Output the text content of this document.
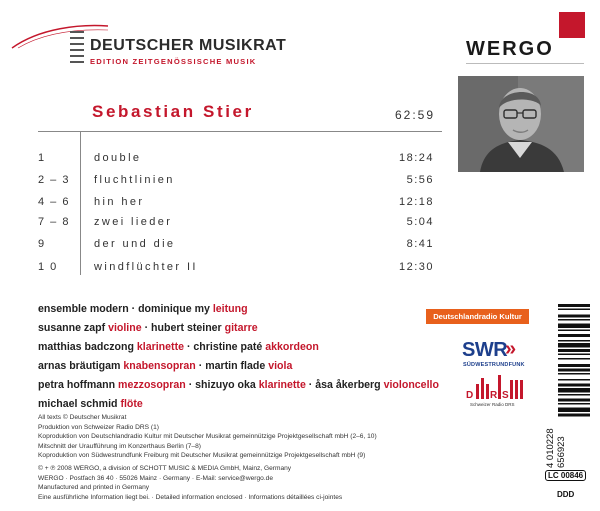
DEUTSCHER MUSIKRAT
EDITION ZEITGENÖSSISCHE MUSIK
WERGO
Sebastian Stier	62:59
1	double	18:24
2 – 3 fluchtlinien	5:56
4 – 6 hin her	12:18
7 – 8 zwei lieder	5:04
9	der und die	8:41
1 0	windflüchter II	12:30
ensemble modern · dominique my leitung
susanne zapf violine · hubert steiner gitarre
matthias badczong klarinette · christine paté akkordeon
arnas bräutigam knabensopran · martin flade viola
petra hoffmann mezzosopran · shizuyo oka klarinette · åsa åkerberg violoncello
michael schmid flöte
All texts © Deutscher Musikrat
Produktion von Schweizer Radio DRS (1)
Koproduktion von Deutschlandradio Kultur mit Deutscher Musikrat gemeinnützige Projektgesellschaft mbH (2–6, 10)
Mitschnitt der Uraufführung im Konzerthaus Berlin (7–8)
Koproduktion von Südwestrundfunk Freiburg mit Deutscher Musikrat gemeinnützige Projektgesellschaft mbH (9)
© + ℗ 2008 WERGO, a division of SCHOTT MUSIC & MEDIA GmbH, Mainz, Germany
WERGO · Postfach 36 40 · 55026 Mainz · Germany · E-Mail: service@wergo.de
Manufactured and printed in Germany
Eine ausführliche Information liegt bei. · Detailed information enclosed · Informations détaillées ci-jointes
Deutschlandradio Kultur
SWR
»
SÜDWESTRUNDFUNK
D R S
Schweizer Radio DRS
4 010228 656923
LC 00846
DDD
